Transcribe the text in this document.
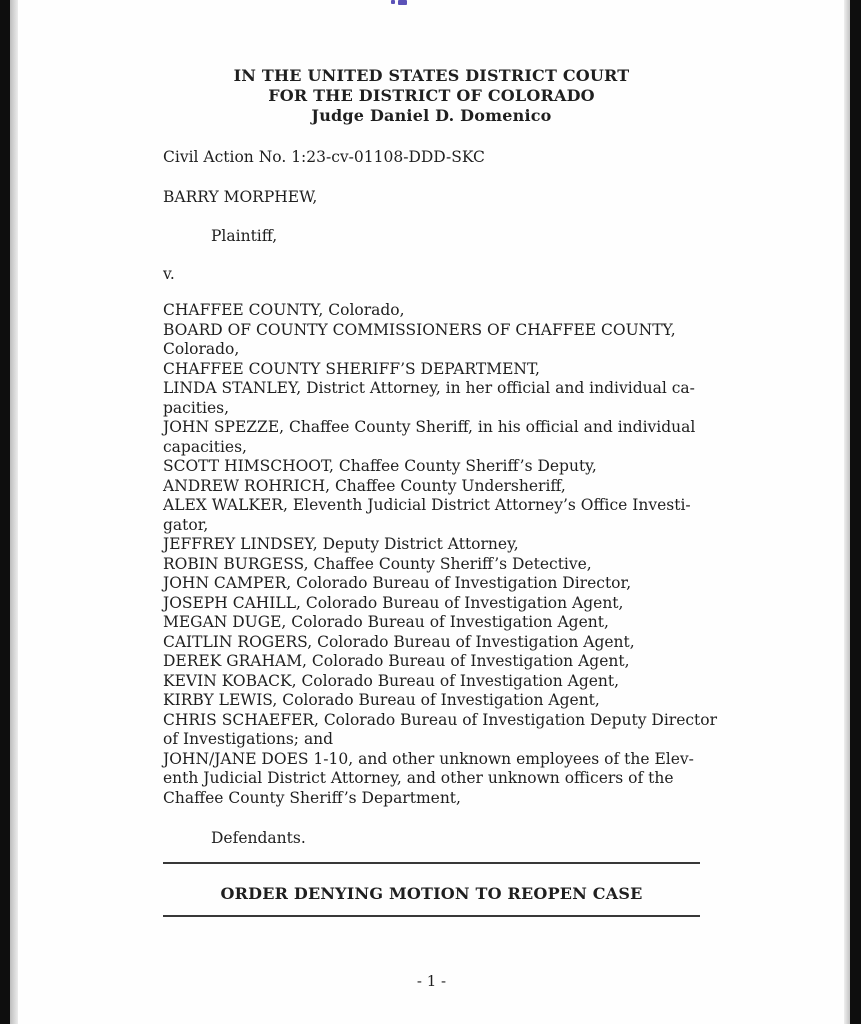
IN THE UNITED STATES DISTRICT COURT
FOR THE DISTRICT OF COLORADO
Judge Daniel D. Domenico
Civil Action No. 1:23-cv-01108-DDD-SKC
BARRY MORPHEW,
Plaintiff,
v.
CHAFFEE COUNTY, Colorado,
BOARD OF COUNTY COMMISSIONERS OF CHAFFEE COUNTY,
Colorado,
CHAFFEE COUNTY SHERIFF’S DEPARTMENT,
LINDA STANLEY, District Attorney, in her official and individual ca-
pacities,
JOHN SPEZZE, Chaffee County Sheriff, in his official and individual
capacities,
SCOTT HIMSCHOOT, Chaffee County Sheriff’s Deputy,
ANDREW ROHRICH, Chaffee County Undersheriff,
ALEX WALKER, Eleventh Judicial District Attorney’s Office Investi-
gator,
JEFFREY LINDSEY, Deputy District Attorney,
ROBIN BURGESS, Chaffee County Sheriff’s Detective,
JOHN CAMPER, Colorado Bureau of Investigation Director,
JOSEPH CAHILL, Colorado Bureau of Investigation Agent,
MEGAN DUGE, Colorado Bureau of Investigation Agent,
CAITLIN ROGERS, Colorado Bureau of Investigation Agent,
DEREK GRAHAM, Colorado Bureau of Investigation Agent,
KEVIN KOBACK, Colorado Bureau of Investigation Agent,
KIRBY LEWIS, Colorado Bureau of Investigation Agent,
CHRIS SCHAEFER, Colorado Bureau of Investigation Deputy Director
of Investigations; and
JOHN/JANE DOES 1-10, and other unknown employees of the Elev-
enth Judicial District Attorney, and other unknown officers of the
Chaffee County Sheriff’s Department,
Defendants.
ORDER DENYING MOTION TO REOPEN CASE
- 1 -
